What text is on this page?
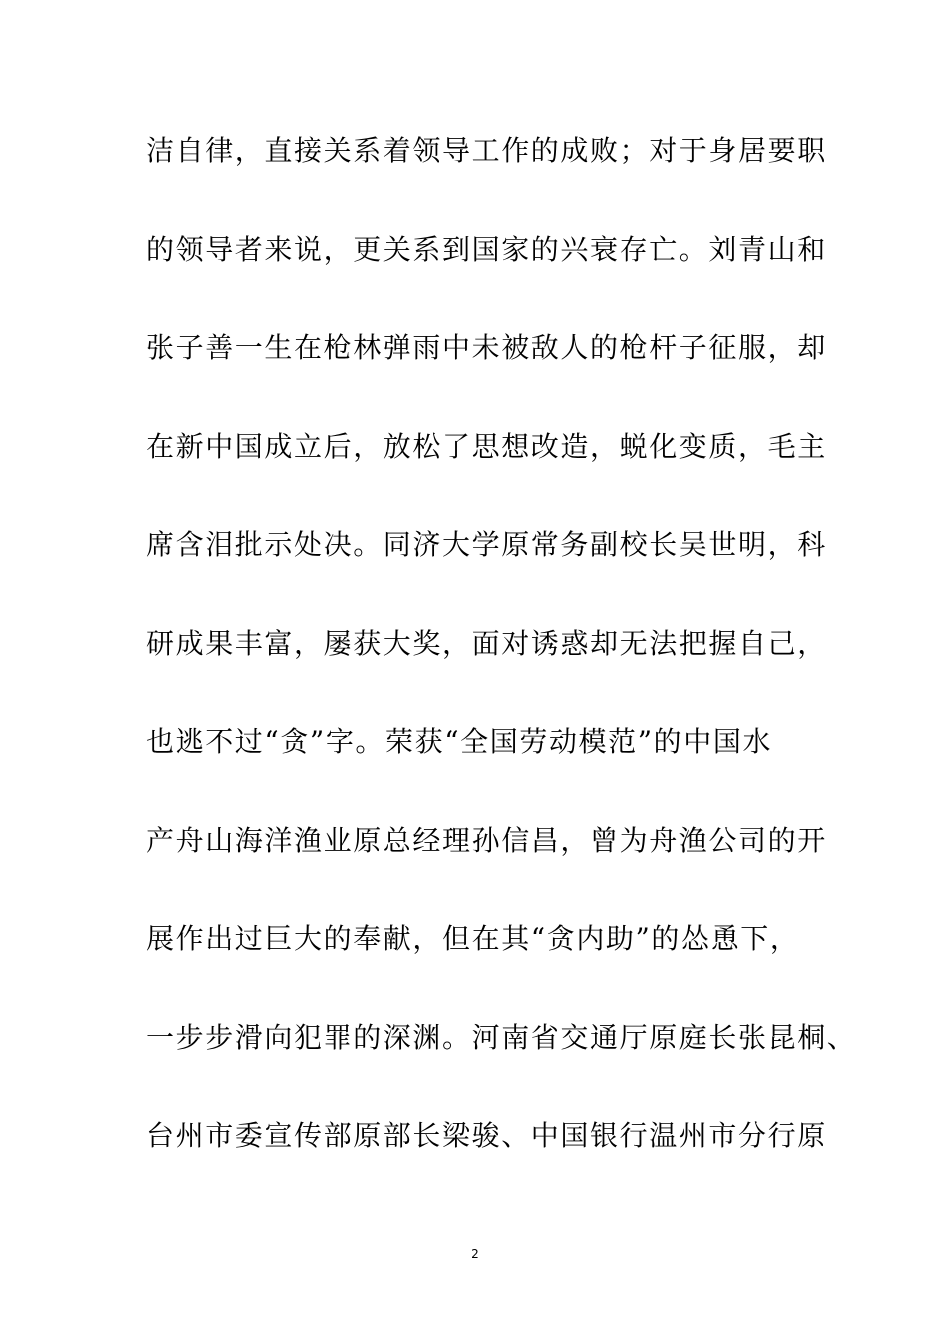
洁自律，直接关系着领导工作的成败；对于身居要职
的领导者来说，更关系到国家的兴衰存亡。刘青山和
张子善一生在枪林弹雨中未被敌人的枪杆子征服，却
在新中国成立后，放松了思想改造，蜕化变质，毛主
席含泪批示处决。同济大学原常务副校长吴世明，科
研成果丰富，屡获大奖，面对诱惑却无法把握自己，
也逃不过“贪”字。荣获“全国劳动模范”的中国水
产舟山海洋渔业原总经理孙信昌，曾为舟渔公司的开
展作出过巨大的奉献，但在其“贪内助”的怂恿下，
一步步滑向犯罪的深渊。河南省交通厅原庭长张昆桐、
台州市委宣传部原部长梁骏、中国银行温州市分行原
2
